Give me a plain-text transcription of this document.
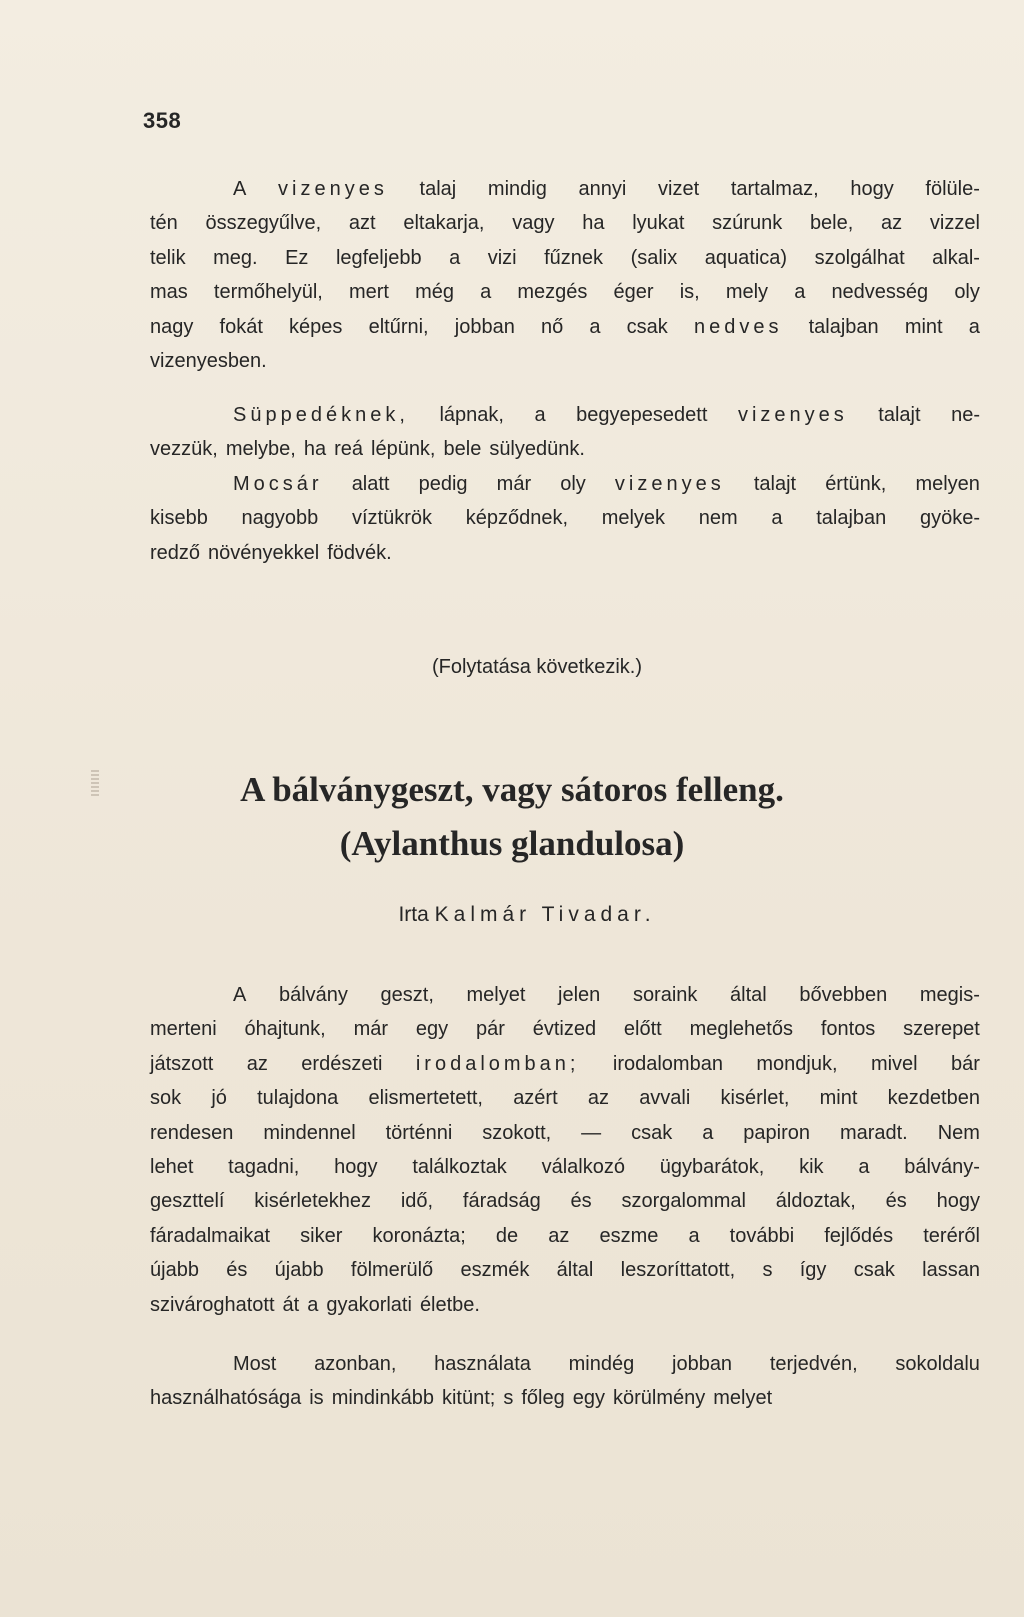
358
A vizenyes talaj mindig annyi vizet tartalmaz, hogy fölüle-
tén összegyűlve, azt eltakarja, vagy ha lyukat szúrunk bele, az vizzel
telik meg. Ez legfeljebb a vizi fűznek (salix aquatica) szolgálhat alkal-
mas termőhelyül, mert még a mezgés éger is, mely a nedvesség oly
nagy fokát képes eltűrni, jobban nő a csak nedves talajban mint a
vizenyesben.
Süppedéknek, lápnak, a begyepesedett vizenyes talajt ne-
vezzük, melybe, ha reá lépünk, bele sülyedünk.
Mocsár alatt pedig már oly vizenyes talajt értünk, melyen
kisebb nagyobb víztükrök képződnek, melyek nem a talajban gyöke-
redző növényekkel födvék.
(Folytatása következik.)
A bálványgeszt, vagy sátoros felleng.
(Aylanthus glandulosa)
Irta Kalmár Tivadar.
A bálvány geszt, melyet jelen soraink által bővebben megis-
merteni óhajtunk, már egy pár évtized előtt meglehetős fontos szerepet
játszott az erdészeti irodalomban; irodalomban mondjuk, mivel bár
sok jó tulajdona elismertetett, azért az avvali kisérlet, mint kezdetben
rendesen mindennel történni szokott, — csak a papiron maradt. Nem
lehet tagadni, hogy találkoztak válalkozó ügybarátok, kik a bálvány-
geszttelí kisérletekhez idő, fáradság és szorgalommal áldoztak, és hogy
fáradalmaikat siker koronázta; de az eszme a további fejlődés teréről
újabb és újabb fölmerülő eszmék által leszoríttatott, s így csak lassan
szivároghatott át a gyakorlati életbe.
Most azonban, használata mindég jobban terjedvén, sokoldalu
használhatósága is mindinkább kitünt; s főleg egy körülmény melyet
